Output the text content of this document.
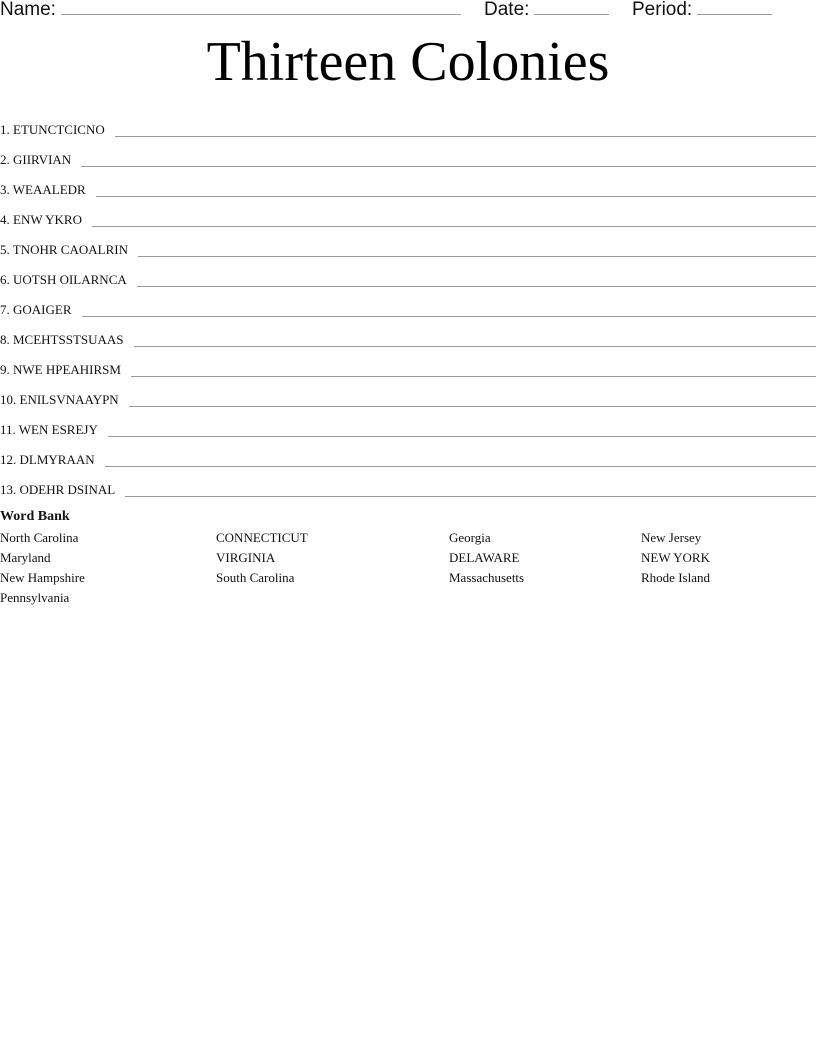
Name:	Date:	Period:
Thirteen Colonies
1. ETUNCTCICNO
2. GIIRVIAN
3. WEAALEDR
4. ENW YKRO
5. TNOHR CAOALRIN
6. UOTSH OILARNCA
7. GOAIGER
8. MCEHTSSTSUAAS
9. NWE HPEAHIRSM
10. ENILSVNAAYPN
11. WEN ESREJY
12. DLMYRAAN
13. ODEHR DSINAL
Word Bank
North Carolina	CONNECTICUT	Georgia	New Jersey
Maryland	VIRGINIA	DELAWARE	NEW YORK
New Hampshire	South Carolina	Massachusetts	Rhode Island
Pennsylvania
